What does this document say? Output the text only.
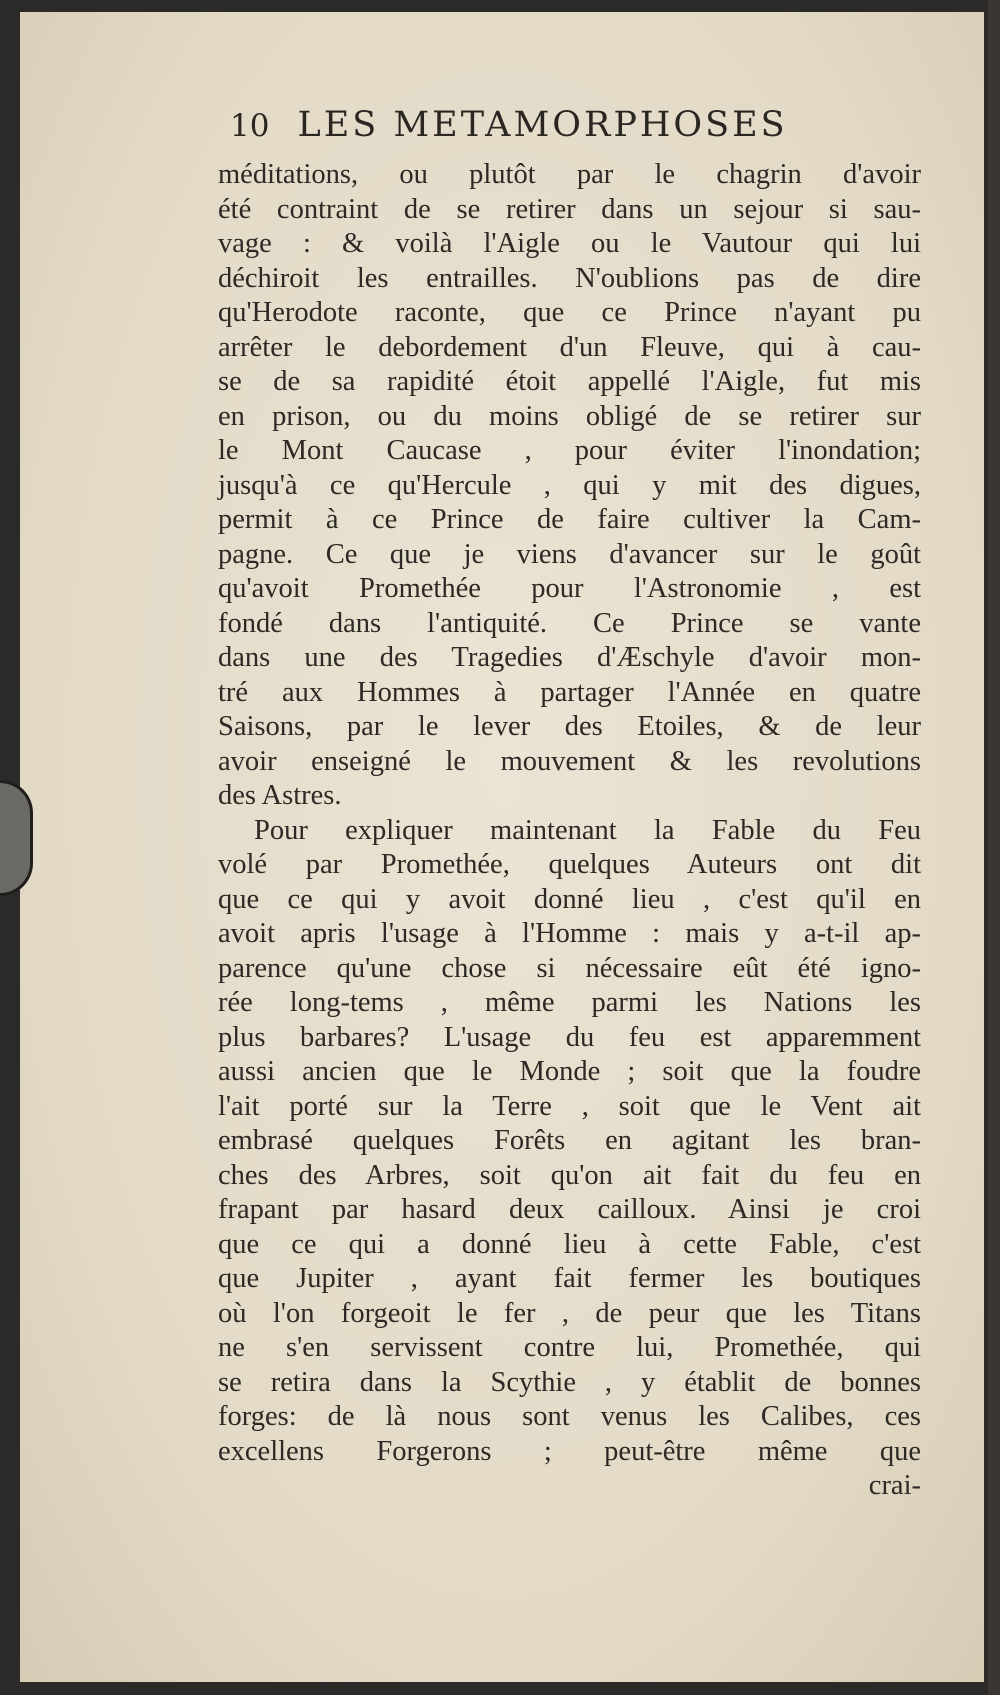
10 LES METAMORPHOSES
méditations, ou plutôt par le chagrin d'avoir
été contraint de se retirer dans un sejour si sau-
vage : & voilà l'Aigle ou le Vautour qui lui
déchiroit les entrailles. N'oublions pas de dire
qu'Herodote raconte, que ce Prince n'ayant pu
arrêter le debordement d'un Fleuve, qui à cau-
se de sa rapidité étoit appellé l'Aigle, fut mis
en prison, ou du moins obligé de se retirer sur
le Mont Caucase , pour éviter l'inondation;
jusqu'à ce qu'Hercule , qui y mit des digues,
permit à ce Prince de faire cultiver la Cam-
pagne. Ce que je viens d'avancer sur le goût
qu'avoit Promethée pour l'Astronomie , est
fondé dans l'antiquité. Ce Prince se vante
dans une des Tragedies d'Æschyle d'avoir mon-
tré aux Hommes à partager l'Année en quatre
Saisons, par le lever des Etoiles, & de leur
avoir enseigné le mouvement & les revolutions
des Astres.
Pour expliquer maintenant la Fable du Feu
volé par Promethée, quelques Auteurs ont dit
que ce qui y avoit donné lieu , c'est qu'il en
avoit apris l'usage à l'Homme : mais y a-t-il ap-
parence qu'une chose si nécessaire eût été igno-
rée long-tems , même parmi les Nations les
plus barbares? L'usage du feu est apparemment
aussi ancien que le Monde ; soit que la foudre
l'ait porté sur la Terre , soit que le Vent ait
embrasé quelques Forêts en agitant les bran-
ches des Arbres, soit qu'on ait fait du feu en
frapant par hasard deux cailloux. Ainsi je croi
que ce qui a donné lieu à cette Fable, c'est
que Jupiter , ayant fait fermer les boutiques
où l'on forgeoit le fer , de peur que les Titans
ne s'en servissent contre lui, Promethée, qui
se retira dans la Scythie , y établit de bonnes
forges: de là nous sont venus les Calibes, ces
excellens Forgerons ; peut-être même que
crai-
